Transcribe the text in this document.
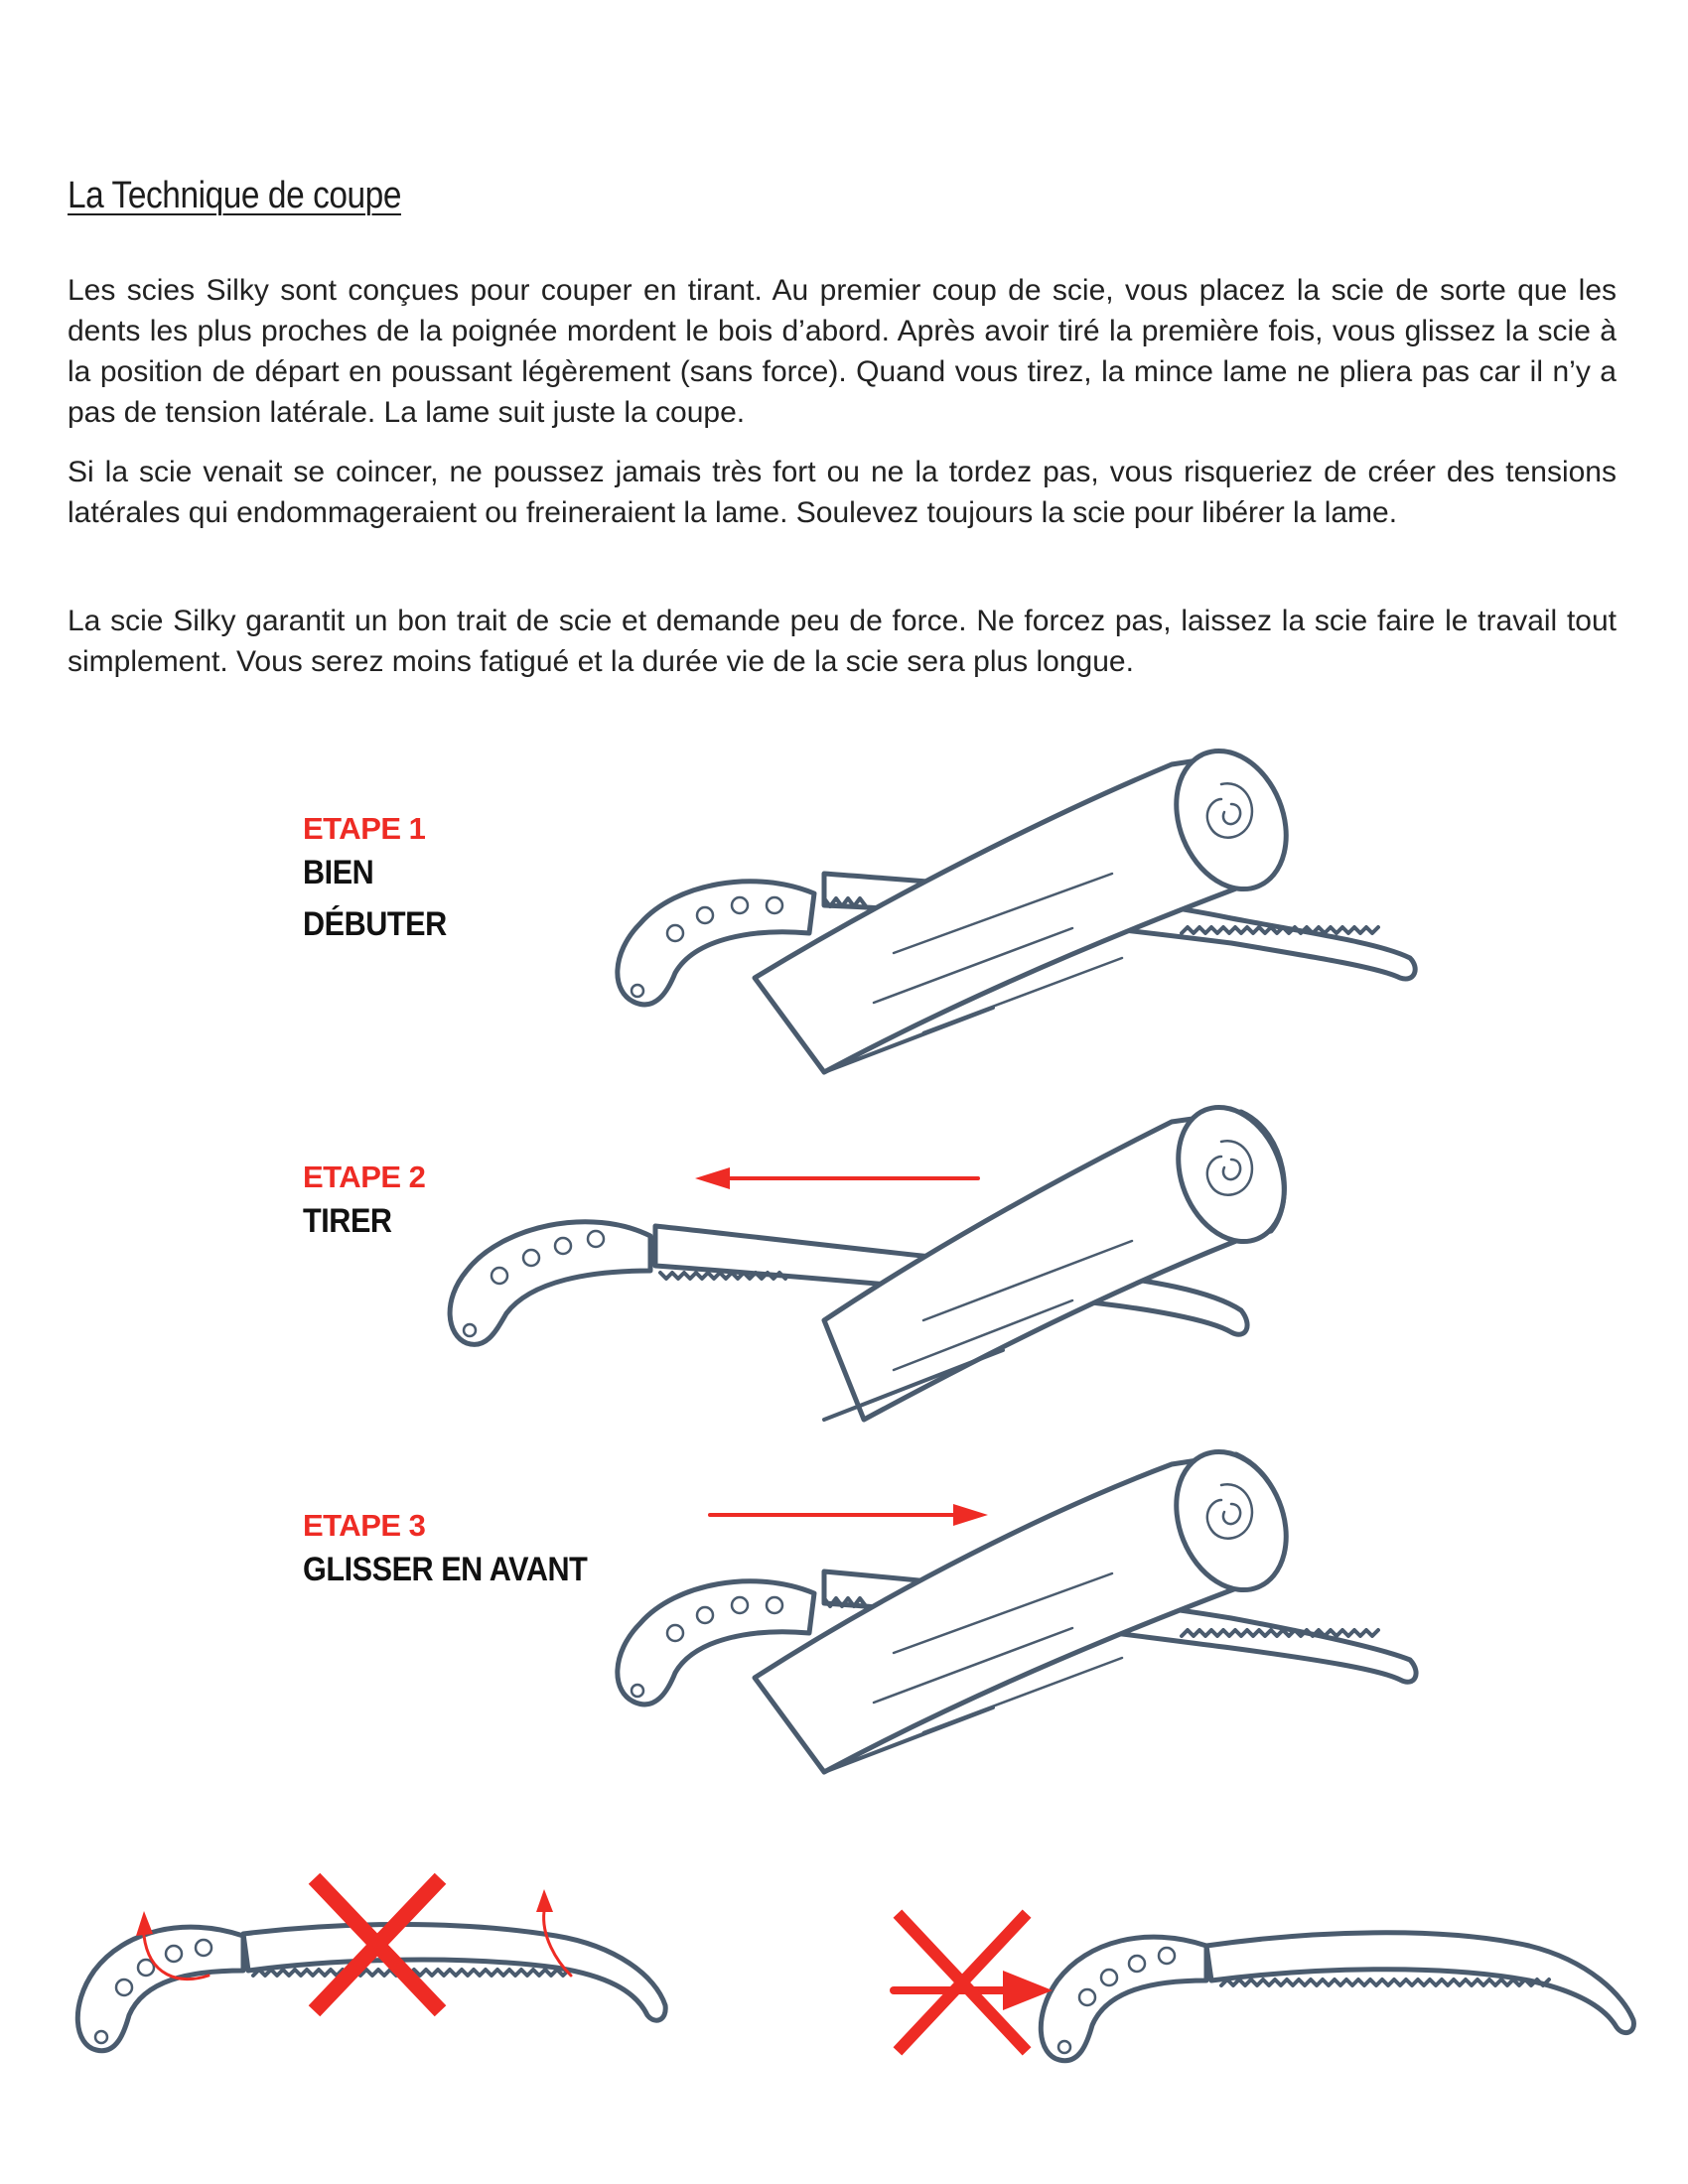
La Technique de coupe

Les scies Silky sont conçues pour couper en tirant. Au premier coup de scie, vous placez la scie de sorte que les dents les plus proches de la poignée mordent le bois d’abord. Après avoir tiré la première fois, vous glissez la scie à la position de départ en poussant légèrement (sans force). Quand vous tirez, la mince lame ne pliera pas car il n’y a pas de tension latérale. La lame suit juste la coupe.

Si la scie venait se coincer, ne poussez jamais très fort ou ne la tordez pas, vous risqueriez de créer des tensions latérales qui endommageraient ou freineraient la lame. Soulevez toujours la scie pour libérer la lame.

La scie Silky garantit un bon trait de scie et demande peu de force. Ne forcez pas, laissez la scie faire le travail tout simplement. Vous serez moins fatigué et la durée vie de la scie sera plus longue.

ETAPE 1
BIEN
DÉBUTER
ETAPE 2
TIRER
ETAPE 3
GLISSER EN AVANT
